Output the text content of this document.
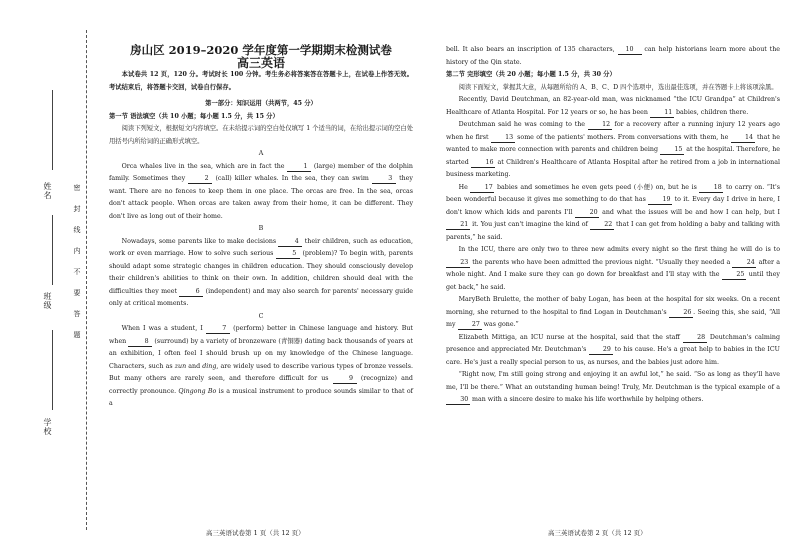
姓名
班级
学校
密
封
线
内
不
要
答
题

房山区 2019–2020 学年度第一学期期末检测试卷

高三英语

本试卷共 12 页，120 分。考试时长 100 分钟。考生务必将答案答在答题卡上，在试卷上作答无效。考试结束后，将答题卡交回，试卷自行保存。

第一部分：知识运用（共两节，45 分）

第一节 语法填空（共 10 小题；每小题 1.5 分，共 15 分）

阅读下列短文，根据短文内容填空。在未给提示词的空白处仅填写 1 个适当的词，在给出提示词的空白处用括号内所给词的正确形式填空。

A

Orca whales live in the sea, which are in fact the	1 (large) member of the dolphin family. Sometimes they	2 (call) killer whales. In the sea, they can swim	3 they want. There are no fences to keep them in one place. The orcas are free. In the sea, orcas don't attack people. When orcas are taken away from their home, it can be different. They don't live as long out of their home.

B

Nowadays, some parents like to make decisions	4 their children, such as education, work or even marriage. How to solve such serious	5 (problem)? To begin with, parents should adapt some strategic changes in children education. They should consciously develop their children's abilities to think on their own. In addition, children should deal with the difficulties they meet	6 (independent) and may also search for parents' necessary guide only at critical moments.

C

When I was a student, I	7 (perform) better in Chinese language and history. But when	8 (surround) by a variety of bronzeware (青铜器) dating back thousands of years at an exhibition, I often feel I should brush up on my knowledge of the Chinese language. Characters, such as zun and ding, are widely used to describe various types of bronze vessels. But many others are rarely seen, and therefore difficult for us	9 (recognize) and correctly pronounce. Qingong Bo is a musical instrument to produce sounds similar to that of a

bell. It also bears an inscription of 135 characters, 10 can help historians learn more about the history of the Qin state.

第二节 完形填空（共 20 小题；每小题 1.5 分，共 30 分）

阅读下面短文，掌握其大意，从每题所给的 A、B、C、D 四个选项中，选出最佳选项，并在答题卡上将该项涂黑。

Recently, David Deutchman, an 82-year-old man, was nicknamed “the ICU Grandpa” at Children's Healthcare of Atlanta Hospital. For 12 years or so, he has been	11 babies, children there.

Deutchman said he was coming to the	12 for a recovery after a running injury 12 years ago when he first	13 some of the patients' mothers. From conversations with them, he	14 that he wanted to make more connection with parents and children being	15 at the hospital. Therefore, he started	16 at Children's Healthcare of Atlanta Hospital after he retired from a job in international business marketing.

He	17 babies and sometimes he even gets peed (小便) on, but he is	18 to carry on. “It's been wonderful because it gives me something to do that has	19 to it. Every day I drive in here, I don't know which kids and parents I'll	20 and what the issues will be and how I can help, but I 21 it. You just can't imagine the kind of	22 that I can get from holding a baby and talking with parents,” he said.

In the ICU, there are only two to three new admits every night so the first thing he will do is to 23 the parents who have been admitted the previous night. “Usually they needed a	24 after a whole night. And I make sure they can go down for breakfast and I'll stay with the	25 until they get back,” he said.

MaryBeth Brulette, the mother of baby Logan, has been at the hospital for six weeks. On a recent morning, she returned to the hospital to find Logan in Deutchman's	26 . Seeing this, she said, “All my	27 was gone.”

Elizabeth Mittiga, an ICU nurse at the hospital, said that the staff	28 Deutchman's calming presence and appreciated Mr. Deutchman's	29 to his cause. He's a great help to babies in the ICU care. He's just a really special person to us, as nurses, and the babies just adore him.

“Right now, I'm still going strong and enjoying it an awful lot,” he said. “So as long as they'll have me, I'll be there.” What an outstanding human being! Truly, Mr. Deutchman is the typical example of a 30 man with a sincere desire to make his life worthwhile by helping others.

高三英语试卷第 1 页（共 12 页）	高三英语试卷第 2 页（共 12 页）
